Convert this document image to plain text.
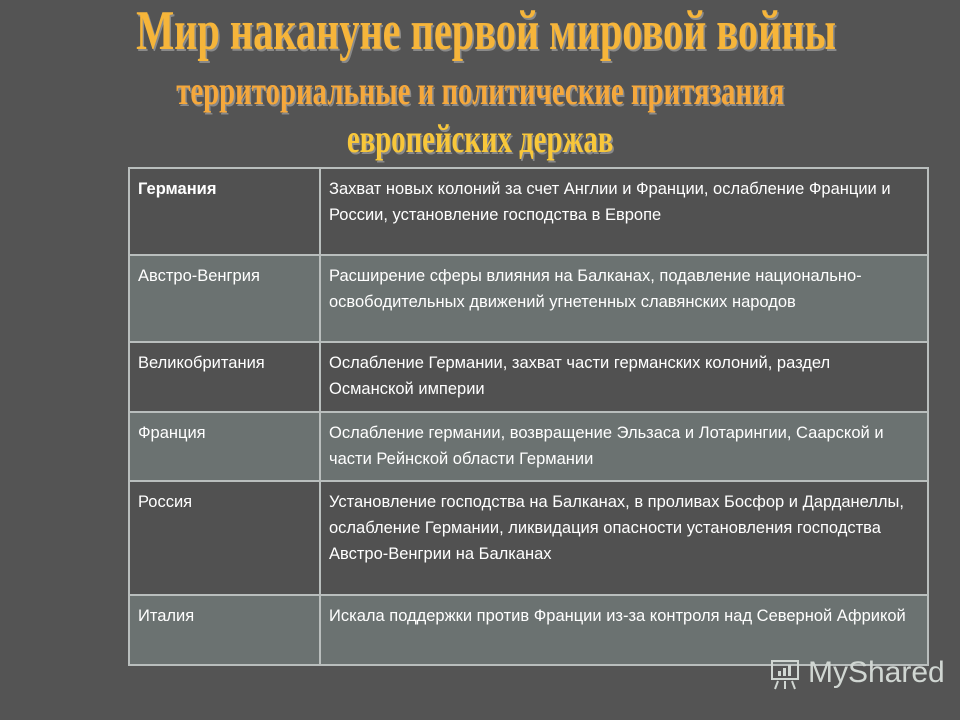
Мир накануне первой мировой войны
территориальные и политические притязания
европейских держав
Германия	Захват новых колоний за счет Англии и Франции, ослабление Франции и России, установление господства в Европе
Австро-Венгрия	Расширение сферы влияния на Балканах, подавление национально-освободительных движений угнетенных славянских народов
Великобритания	Ослабление Германии, захват части германских колоний, раздел Османской империи
Франция	Ослабление германии, возвращение Эльзаса и Лотарингии, Саарской и части Рейнской области Германии
Россия	Установление господства на Балканах, в проливах Босфор и Дарданеллы, ослабление Германии, ликвидация опасности установления господства Австро-Венгрии на Балканах
Италия	Искала поддержки против Франции из-за контроля над Северной Африкой
MyShared
